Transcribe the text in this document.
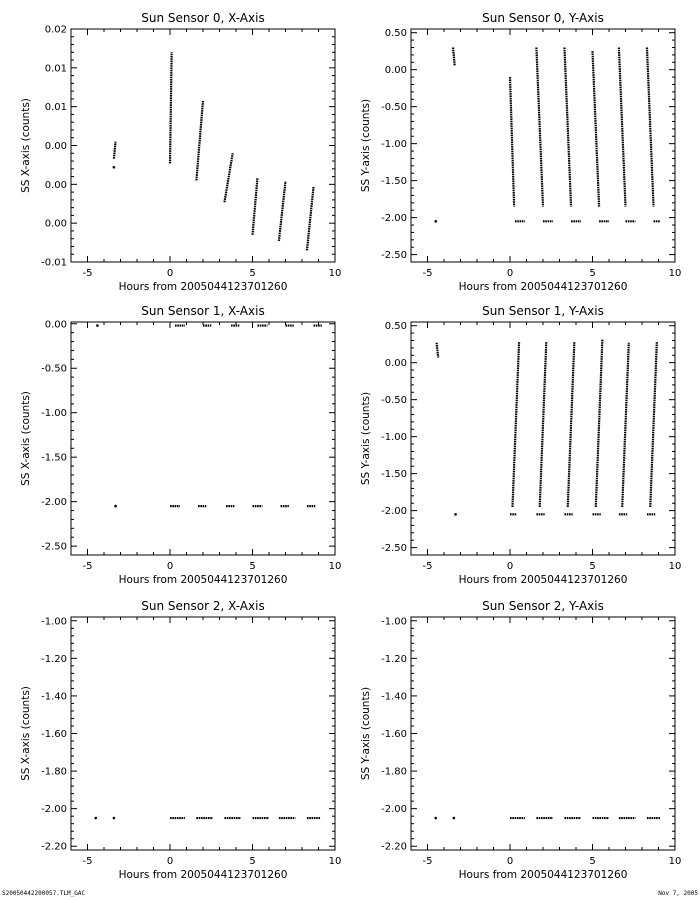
Sun Sensor 0, X-Axis
-5	0	5	10
-0.01
0.00
0.00
0.00
0.01
0.01
0.02
Hours from 2005044123701260
SS X-axis (counts)
Sun Sensor 0, Y-Axis
-5	0	5	10
-2.50
-2.00
-1.50
-1.00
-0.50
0.00
0.50
Hours from 2005044123701260
SS Y-axis (counts)
Sun Sensor 1, X-Axis
-5	0	5	10
-2.50
-2.00
-1.50
-1.00
-0.50
0.00
Hours from 2005044123701260
SS X-axis (counts)
Sun Sensor 1, Y-Axis
-5	0	5	10
-2.50
-2.00
-1.50
-1.00
-0.50
0.00
0.50
Hours from 2005044123701260
SS Y-axis (counts)
Sun Sensor 2, X-Axis
-5	0	5	10
-2.20
-2.00
-1.80
-1.60
-1.40
-1.20
-1.00
Hours from 2005044123701260
SS X-axis (counts)
Sun Sensor 2, Y-Axis
-5	0	5	10
-2.20
-2.00
-1.80
-1.60
-1.40
-1.20
-1.00
Hours from 2005044123701260
SS Y-axis (counts)
S20050442200057.TLM_GAC	Nov 7, 2005
